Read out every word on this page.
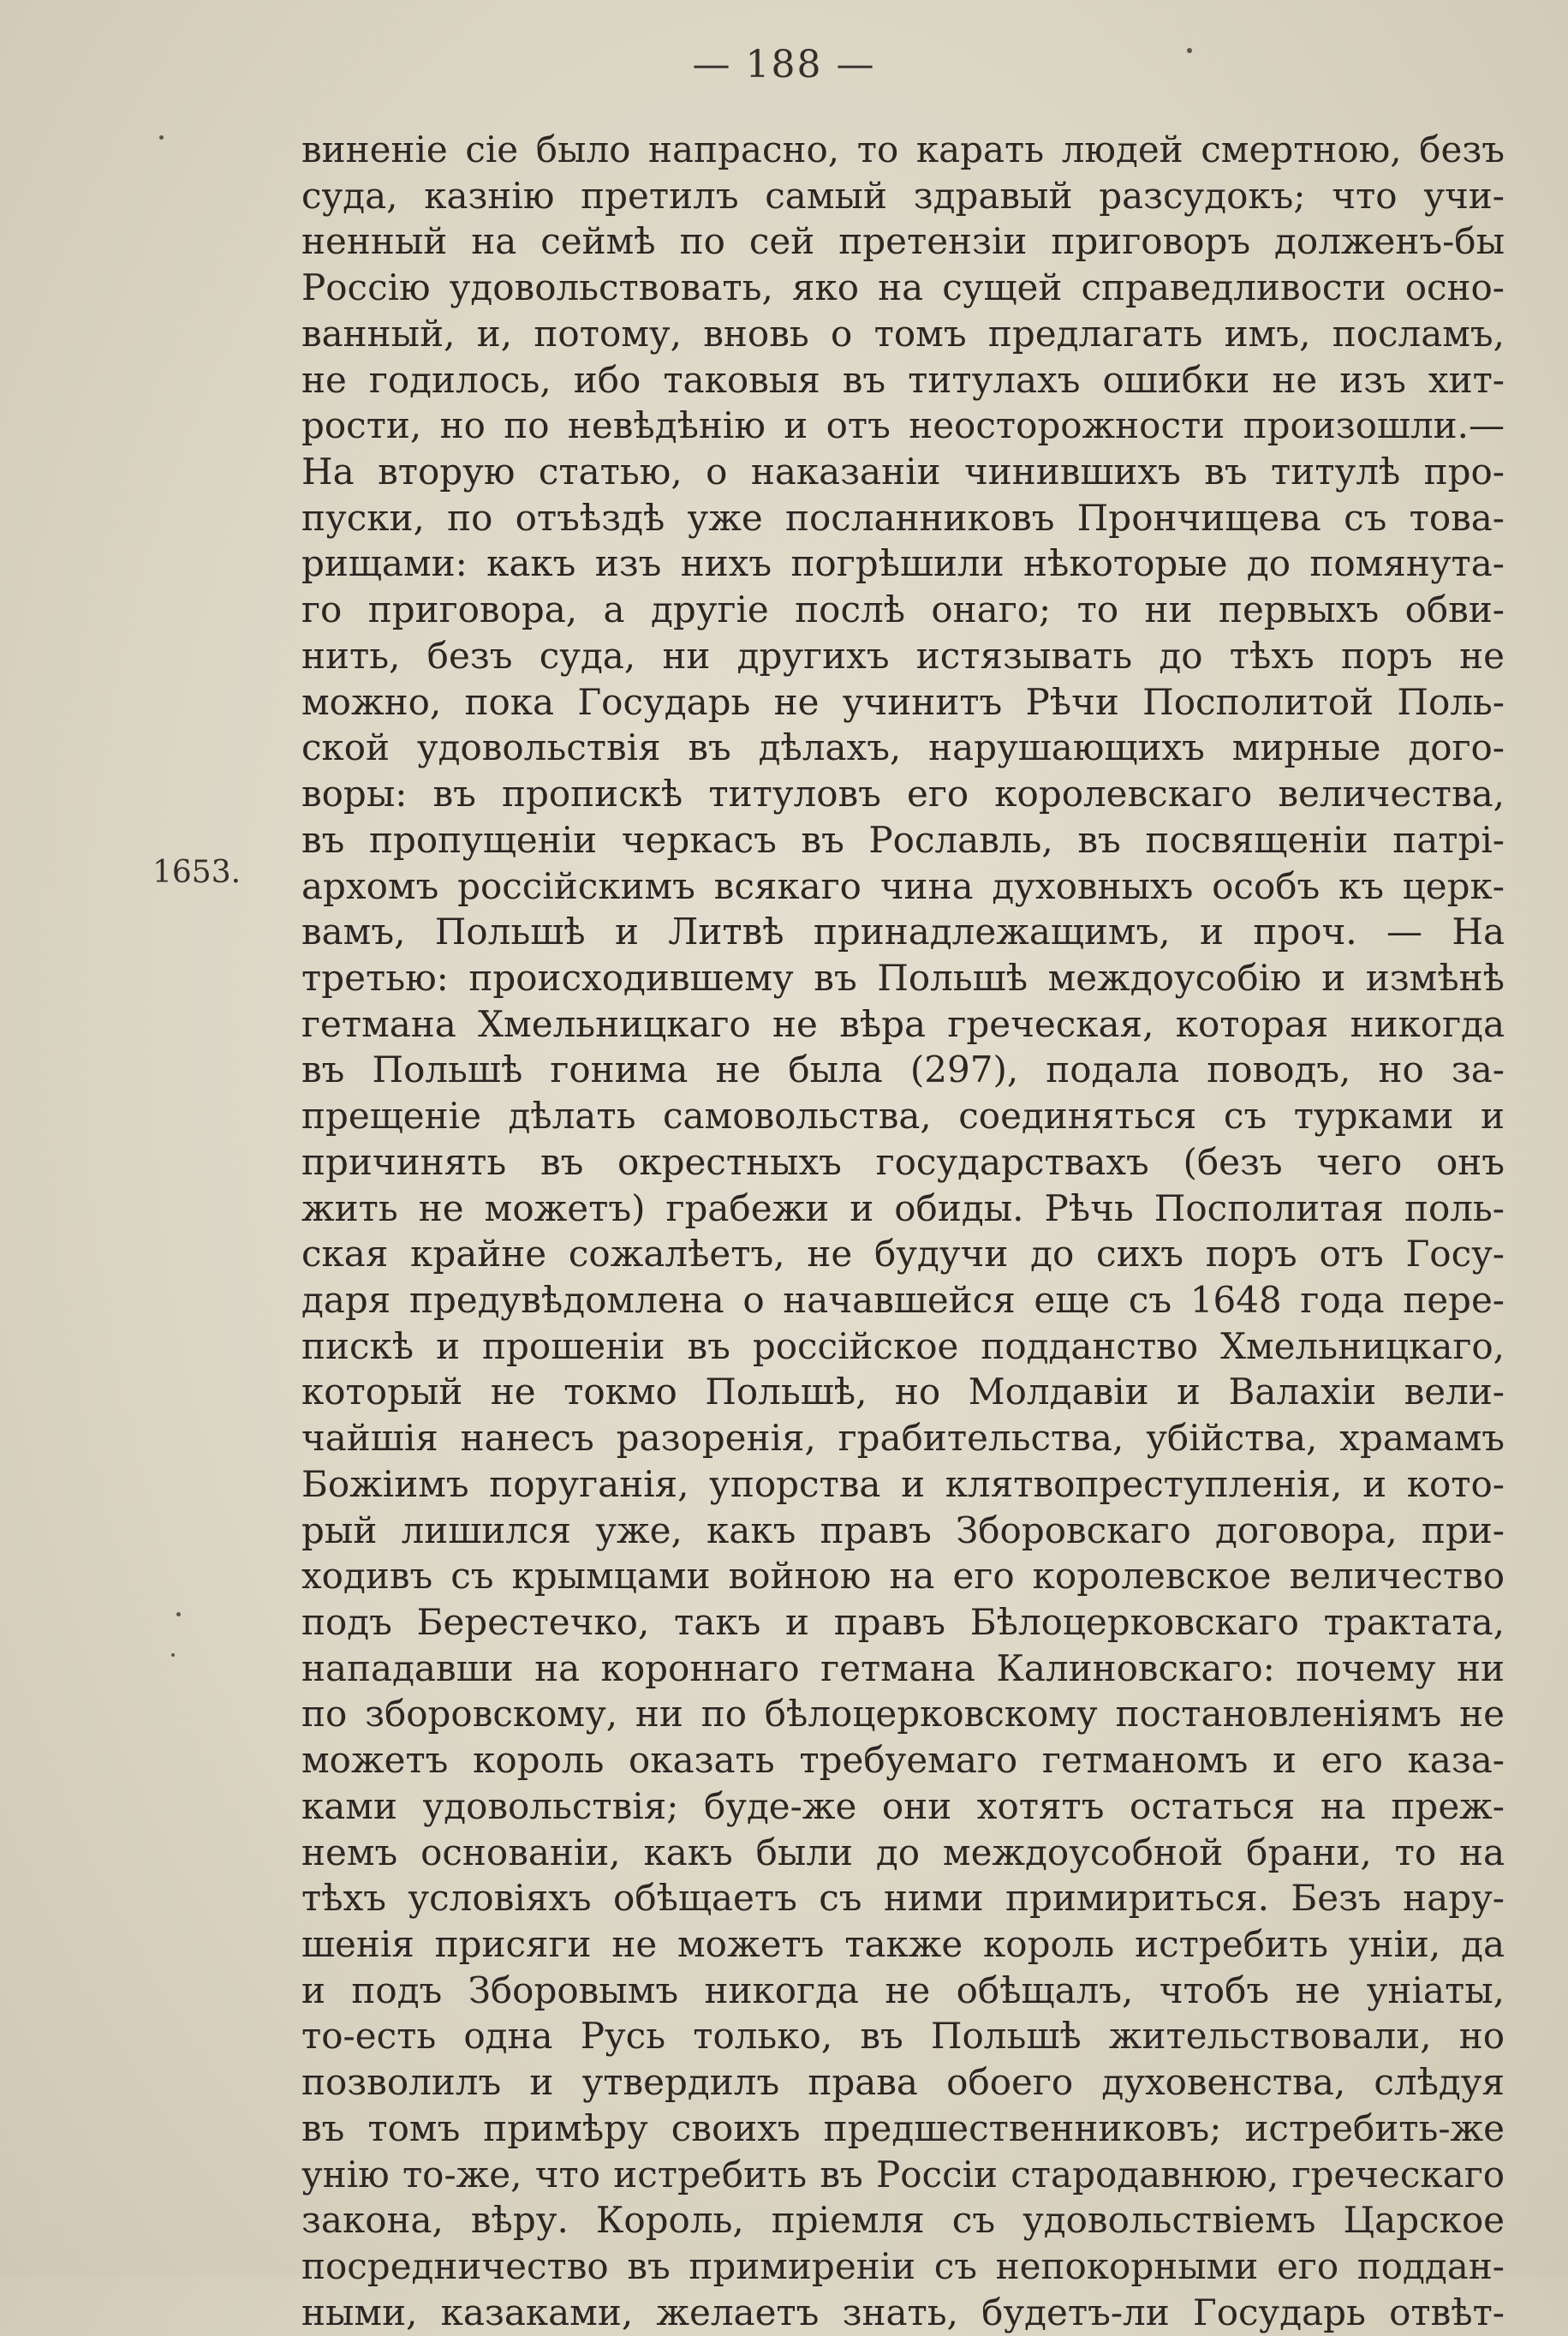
— 188 —
1653.
виненіе сіе было напрасно, то карать людей смертною, безъ
суда, казнію претилъ самый здравый разсудокъ; что учи-
ненный на сеймѣ по сей претензіи приговоръ долженъ-бы
Россію удовольствовать, яко на сущей справедливости осно-
ванный, и, потому, вновь о томъ предлагать имъ, посламъ,
не годилось, ибо таковыя въ титулахъ ошибки не изъ хит-
рости, но по невѣдѣнію и отъ неосторожности произошли.—
На вторую статью, о наказаніи чинившихъ въ титулѣ про-
пуски, по отъѣздѣ уже посланниковъ Прончищева съ това-
рищами: какъ изъ нихъ погрѣшили нѣкоторые до помянута-
го приговора, а другіе послѣ онаго; то ни первыхъ обви-
нить, безъ суда, ни другихъ истязывать до тѣхъ поръ не
можно, пока Государь не учинитъ Рѣчи Посполитой Поль-
ской удовольствія въ дѣлахъ, нарушающихъ мирные дого-
воры: въ пропискѣ титуловъ его королевскаго величества,
въ пропущеніи черкасъ въ Рославль, въ посвященіи патрі-
архомъ россійскимъ всякаго чина духовныхъ особъ къ церк-
вамъ, Польшѣ и Литвѣ принадлежащимъ, и проч. — На
третью: происходившему въ Польшѣ междоусобію и измѣнѣ
гетмана Хмельницкаго не вѣра греческая, которая никогда
въ Польшѣ гонима не была (297), подала поводъ, но за-
прещеніе дѣлать самовольства, соединяться съ турками и
причинять въ окрестныхъ государствахъ (безъ чего онъ
жить не можетъ) грабежи и обиды. Рѣчь Посполитая поль-
ская крайне сожалѣетъ, не будучи до сихъ поръ отъ Госу-
даря предувѣдомлена о начавшейся еще съ 1648 года пере-
пискѣ и прошеніи въ россійское подданство Хмельницкаго,
который не токмо Польшѣ, но Молдавіи и Валахіи вели-
чайшія нанесъ разоренія, грабительства, убійства, храмамъ
Божіимъ поруганія, упорства и клятвопреступленія, и кото-
рый лишился уже, какъ правъ Зборовскаго договора, при-
ходивъ съ крымцами войною на его королевское величество
подъ Берестечко, такъ и правъ Бѣлоцерковскаго трактата,
нападавши на короннаго гетмана Калиновскаго: почему ни
по зборовскому, ни по бѣлоцерковскому постановленіямъ не
можетъ король оказать требуемаго гетманомъ и его каза-
ками удовольствія; буде-же они хотятъ остаться на преж-
немъ основаніи, какъ были до междоусобной брани, то на
тѣхъ условіяхъ обѣщаетъ съ ними примириться. Безъ нару-
шенія присяги не можетъ также король истребить уніи, да
и подъ Зборовымъ никогда не обѣщалъ, чтобъ не уніаты,
то-есть одна Русь только, въ Польшѣ жительствовали, но
позволилъ и утвердилъ права обоего духовенства, слѣдуя
въ томъ примѣру своихъ предшественниковъ; истребить-же
унію то-же, что истребить въ Россіи стародавнюю, греческаго
закона, вѣру. Король, пріемля съ удовольствіемъ Царское
посредничество въ примиреніи съ непокорными его поддан-
ными, казаками, желаетъ знать, будетъ-ли Государь отвѣт-
